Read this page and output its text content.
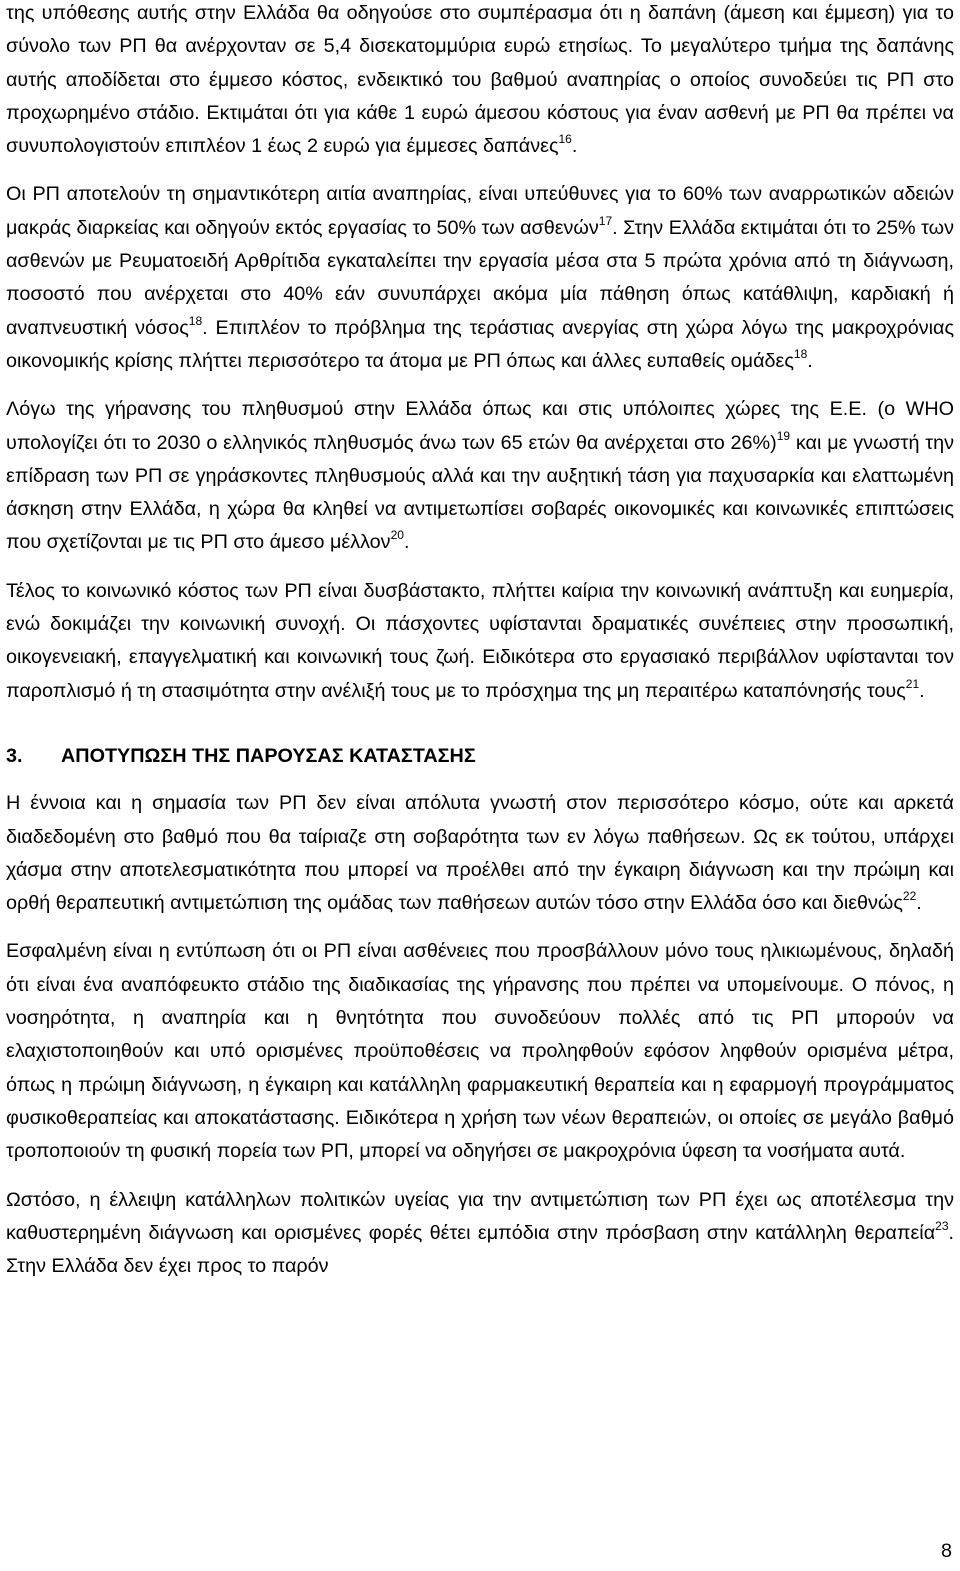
της υπόθεσης αυτής στην Ελλάδα θα οδηγούσε στο συμπέρασμα ότι η δαπάνη (άμεση και έμμεση) για το σύνολο των ΡΠ θα ανέρχονταν σε 5,4 δισεκατομμύρια ευρώ ετησίως. Το μεγαλύτερο τμήμα της δαπάνης αυτής αποδίδεται στο έμμεσο κόστος, ενδεικτικό του βαθμού αναπηρίας ο οποίος συνοδεύει τις ΡΠ στο προχωρημένο στάδιο. Εκτιμάται ότι για κάθε 1 ευρώ άμεσου κόστους για έναν ασθενή με ΡΠ θα πρέπει να συνυπολογιστούν επιπλέον 1 έως 2 ευρώ για έμμεσες δαπάνες$^{16}$.

Οι ΡΠ αποτελούν τη σημαντικότερη αιτία αναπηρίας, είναι υπεύθυνες για το 60% των αναρρωτικών αδειών μακράς διαρκείας και οδηγούν εκτός εργασίας το 50% των ασθενών$^{17}$. Στην Ελλάδα εκτιμάται ότι το 25% των ασθενών με Ρευματοειδή Αρθρίτιδα εγκαταλείπει την εργασία μέσα στα 5 πρώτα χρόνια από τη διάγνωση, ποσοστό που ανέρχεται στο 40% εάν συνυπάρχει ακόμα μία πάθηση όπως κατάθλιψη, καρδιακή ή αναπνευστική νόσος$^{18}$. Επιπλέον το πρόβλημα της τεράστιας ανεργίας στη χώρα λόγω της μακροχρόνιας οικονομικής κρίσης πλήττει περισσότερο τα άτομα με ΡΠ όπως και άλλες ευπαθείς ομάδες$^{18}$.

Λόγω της γήρανσης του πληθυσμού στην Ελλάδα όπως και στις υπόλοιπες χώρες της Ε.Ε. (ο WHO υπολογίζει ότι το 2030 ο ελληνικός πληθυσμός άνω των 65 ετών θα ανέρχεται στο 26%)$^{19}$ και με γνωστή την επίδραση των ΡΠ σε γηράσκοντες πληθυσμούς αλλά και την αυξητική τάση για παχυσαρκία και ελαττωμένη άσκηση στην Ελλάδα, η χώρα θα κληθεί να αντιμετωπίσει σοβαρές οικονομικές και κοινωνικές επιπτώσεις που σχετίζονται με τις ΡΠ στο άμεσο μέλλον$^{20}$.

Τέλος το κοινωνικό κόστος των ΡΠ είναι δυσβάστακτο, πλήττει καίρια την κοινωνική ανάπτυξη και ευημερία, ενώ δοκιμάζει την κοινωνική συνοχή. Οι πάσχοντες υφίστανται δραματικές συνέπειες στην προσωπική, οικογενειακή, επαγγελματική και κοινωνική τους ζωή. Ειδικότερα στο εργασιακό περιβάλλον υφίστανται τον παροπλισμό ή τη στασιμότητα στην ανέλιξή τους με το πρόσχημα της μη περαιτέρω καταπόνησής τους$^{21}$.

3.	ΑΠΟΤΥΠΩΣΗ ΤΗΣ ΠΑΡΟΥΣΑΣ ΚΑΤΑΣΤΑΣΗΣ

Η έννοια και η σημασία των ΡΠ δεν είναι απόλυτα γνωστή στον περισσότερο κόσμο, ούτε και αρκετά διαδεδομένη στο βαθμό που θα ταίριαζε στη σοβαρότητα των εν λόγω παθήσεων. Ως εκ τούτου, υπάρχει χάσμα στην αποτελεσματικότητα που μπορεί να προέλθει από την έγκαιρη διάγνωση και την πρώιμη και ορθή θεραπευτική αντιμετώπιση της ομάδας των παθήσεων αυτών τόσο στην Ελλάδα όσο και διεθνώς$^{22}$.

Εσφαλμένη είναι η εντύπωση ότι οι ΡΠ είναι ασθένειες που προσβάλλουν μόνο τους ηλικιωμένους, δηλαδή ότι είναι ένα αναπόφευκτο στάδιο της διαδικασίας της γήρανσης που πρέπει να υπομείνουμε. Ο πόνος, η νοσηρότητα, η αναπηρία και η θνητότητα που συνοδεύουν πολλές από τις ΡΠ μπορούν να ελαχιστοποιηθούν και υπό ορισμένες προϋποθέσεις να προληφθούν εφόσον ληφθούν ορισμένα μέτρα, όπως η πρώιμη διάγνωση, η έγκαιρη και κατάλληλη φαρμακευτική θεραπεία και η εφαρμογή προγράμματος φυσικοθεραπείας και αποκατάστασης. Ειδικότερα η χρήση των νέων θεραπειών, οι οποίες σε μεγάλο βαθμό τροποποιούν τη φυσική πορεία των ΡΠ, μπορεί να οδηγήσει σε μακροχρόνια ύφεση τα νοσήματα αυτά.

Ωστόσο, η έλλειψη κατάλληλων πολιτικών υγείας για την αντιμετώπιση των ΡΠ έχει ως αποτέλεσμα την καθυστερημένη διάγνωση και ορισμένες φορές θέτει εμπόδια στην πρόσβαση στην κατάλληλη θεραπεία$^{23}$. Στην Ελλάδα δεν έχει προς το παρόν

8
